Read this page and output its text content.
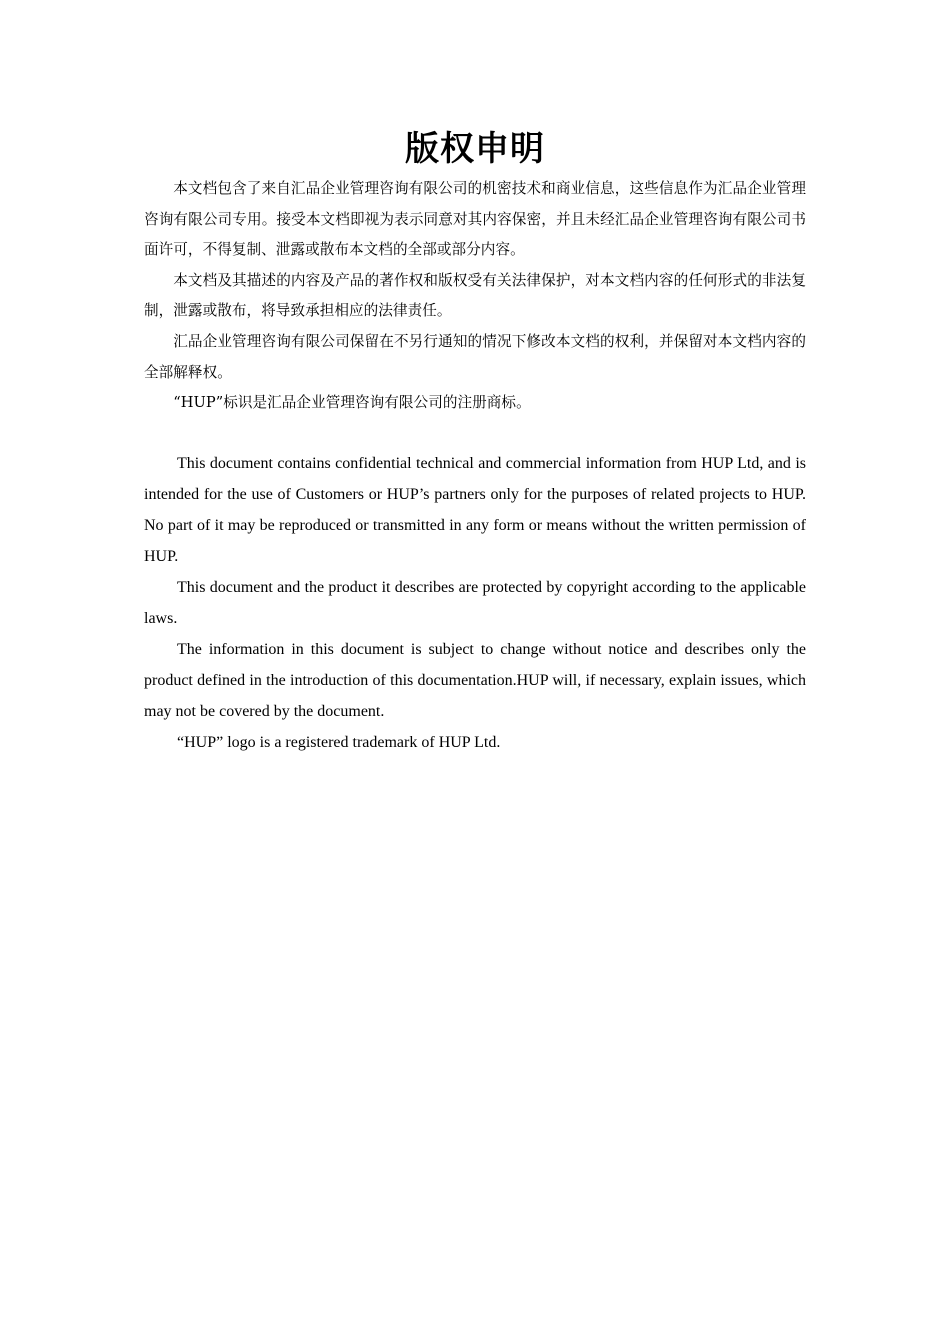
版权申明

本文档包含了来自汇品企业管理咨询有限公司的机密技术和商业信息，这些信息作为汇品企业管理咨询有限公司专用。接受本文档即视为表示同意对其内容保密，并且未经汇品企业管理咨询有限公司书面许可，不得复制、泄露或散布本文档的全部或部分内容。

本文档及其描述的内容及产品的著作权和版权受有关法律保护，对本文档内容的任何形式的非法复制，泄露或散布，将导致承担相应的法律责任。

汇品企业管理咨询有限公司保留在不另行通知的情况下修改本文档的权利，并保留对本文档内容的全部解释权。

“HUP”标识是汇品企业管理咨询有限公司的注册商标。

This document contains confidential technical and commercial information from HUP Ltd, and is intended for the use of Customers or HUP’s partners only for the purposes of related projects to HUP. No part of it may be reproduced or transmitted in any form or means without the written permission of HUP.

This document and the product it describes are protected by copyright according to the applicable laws.

The information in this document is subject to change without notice and describes only the product defined in the introduction of this documentation.HUP will, if necessary, explain issues, which may not be covered by the document.

“HUP” logo is a registered trademark of HUP Ltd.
